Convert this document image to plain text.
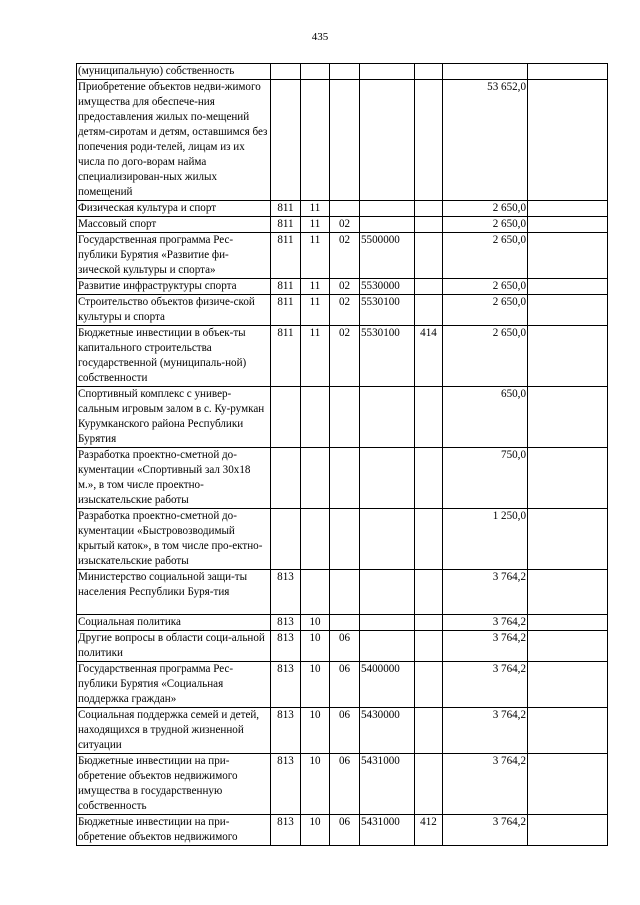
435
(муниципальную) собственность							
Приобретение объектов недви-жимого имущества для обеспече-ния предоставления жилых по-мещений детям-сиротам и детям, оставшимся без попечения роди-телей, лицам из их числа по дого-ворам найма специализирован-ных жилых помещений						53 652,0	
Физическая культура и спорт	811	11				2 650,0	
Массовый спорт	811	11	02			2 650,0	
Государственная программа Рес-публики Бурятия «Развитие фи-зической культуры и спорта»	811	11	02	5500000		2 650,0	
Развитие инфраструктуры спорта	811	11	02	5530000		2 650,0	
Строительство объектов физиче-ской культуры и спорта	811	11	02	5530100		2 650,0	
Бюджетные инвестиции в объек-ты капитального строительства государственной (муниципаль-ной) собственности	811	11	02	5530100	414	2 650,0	
Спортивный комплекс с универ-сальным игровым залом в с. Ку-румкан Курумканского района Республики Бурятия						650,0	
Разработка проектно-сметной до-кументации «Спортивный зал 30х18 м.», в том числе проектно-изыскательские работы						750,0	
Разработка проектно-сметной до-кументации «Быстровозводимый крытый каток», в том числе про-ектно-изыскательские работы						1 250,0	
Министерство социальной защи-ты населения Республики Буря-тия	813					3 764,2	
Социальная политика	813	10				3 764,2	
Другие вопросы в области соци-альной политики	813	10	06			3 764,2	
Государственная программа Рес-публики Бурятия «Социальная поддержка граждан»	813	10	06	5400000		3 764,2	
Социальная поддержка семей и детей, находящихся в трудной жизненной ситуации	813	10	06	5430000		3 764,2	
Бюджетные инвестиции на при-обретение объектов недвижимого имущества в государственную собственность	813	10	06	5431000		3 764,2	
Бюджетные инвестиции на при-обретение объектов недвижимого	813	10	06	5431000	412	3 764,2	
